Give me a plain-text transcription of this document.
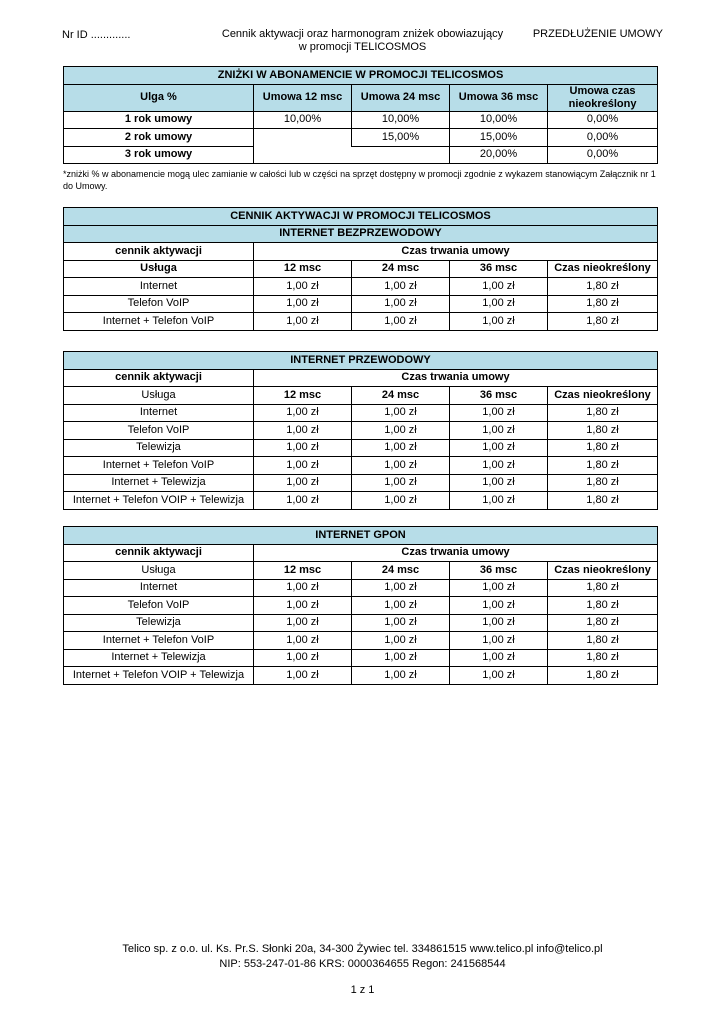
Nr ID .............	Cennik aktywacji oraz harmonogram zniżek obowiazujący
w promocji TELICOSMOS
PRZEDŁUŻENIE UMOWY
ZNIŻKI W ABONAMENCIE W PROMOCJI TELICOSMOS				
Ulga %	Umowa 12 msc	Umowa 24 msc	Umowa 36 msc	Umowa czas nieokreślony
1 rok umowy	10,00%	10,00%	10,00%	0,00%
2 rok umowy		15,00%	15,00%	0,00%
3 rok umowy			20,00%	0,00%
*zniżki % w abonamencie mogą ulec zamianie w całości lub w części na sprzęt dostępny w promocji zgodnie z wykazem stanowiącym Załącznik nr 1 do Umowy.
CENNIK AKTYWACJI W PROMOCJI TELICOSMOS				
INTERNET BEZPRZEWODOWY				
cennik aktywacji	Czas trwania umowy			
Usługa	12 msc	24 msc	36 msc	Czas nieokreślony
Internet	1,00 zł	1,00 zł	1,00 zł	1,80 zł
Telefon VoIP	1,00 zł	1,00 zł	1,00 zł	1,80 zł
Internet + Telefon VoIP	1,00 zł	1,00 zł	1,00 zł	1,80 zł
INTERNET PRZEWODOWY				
cennik aktywacji	Czas trwania umowy			
Usługa	12 msc	24 msc	36 msc	Czas nieokreślony
Internet	1,00 zł	1,00 zł	1,00 zł	1,80 zł
Telefon VoIP	1,00 zł	1,00 zł	1,00 zł	1,80 zł
Telewizja	1,00 zł	1,00 zł	1,00 zł	1,80 zł
Internet + Telefon VoIP	1,00 zł	1,00 zł	1,00 zł	1,80 zł
Internet + Telewizja	1,00 zł	1,00 zł	1,00 zł	1,80 zł
Internet + Telefon VOIP + Telewizja	1,00 zł	1,00 zł	1,00 zł	1,80 zł
INTERNET GPON				
cennik aktywacji	Czas trwania umowy			
Usługa	12 msc	24 msc	36 msc	Czas nieokreślony
Internet	1,00 zł	1,00 zł	1,00 zł	1,80 zł
Telefon VoIP	1,00 zł	1,00 zł	1,00 zł	1,80 zł
Telewizja	1,00 zł	1,00 zł	1,00 zł	1,80 zł
Internet + Telefon VoIP	1,00 zł	1,00 zł	1,00 zł	1,80 zł
Internet + Telewizja	1,00 zł	1,00 zł	1,00 zł	1,80 zł
Internet + Telefon VOIP + Telewizja	1,00 zł	1,00 zł	1,00 zł	1,80 zł
Telico sp. z o.o. ul. Ks. Pr.S. Słonki 20a, 34-300 Żywiec tel. 334861515 www.telico.pl info@telico.pl
NIP: 553-247-01-86 KRS: 0000364655 Regon: 241568544
1 z 1
